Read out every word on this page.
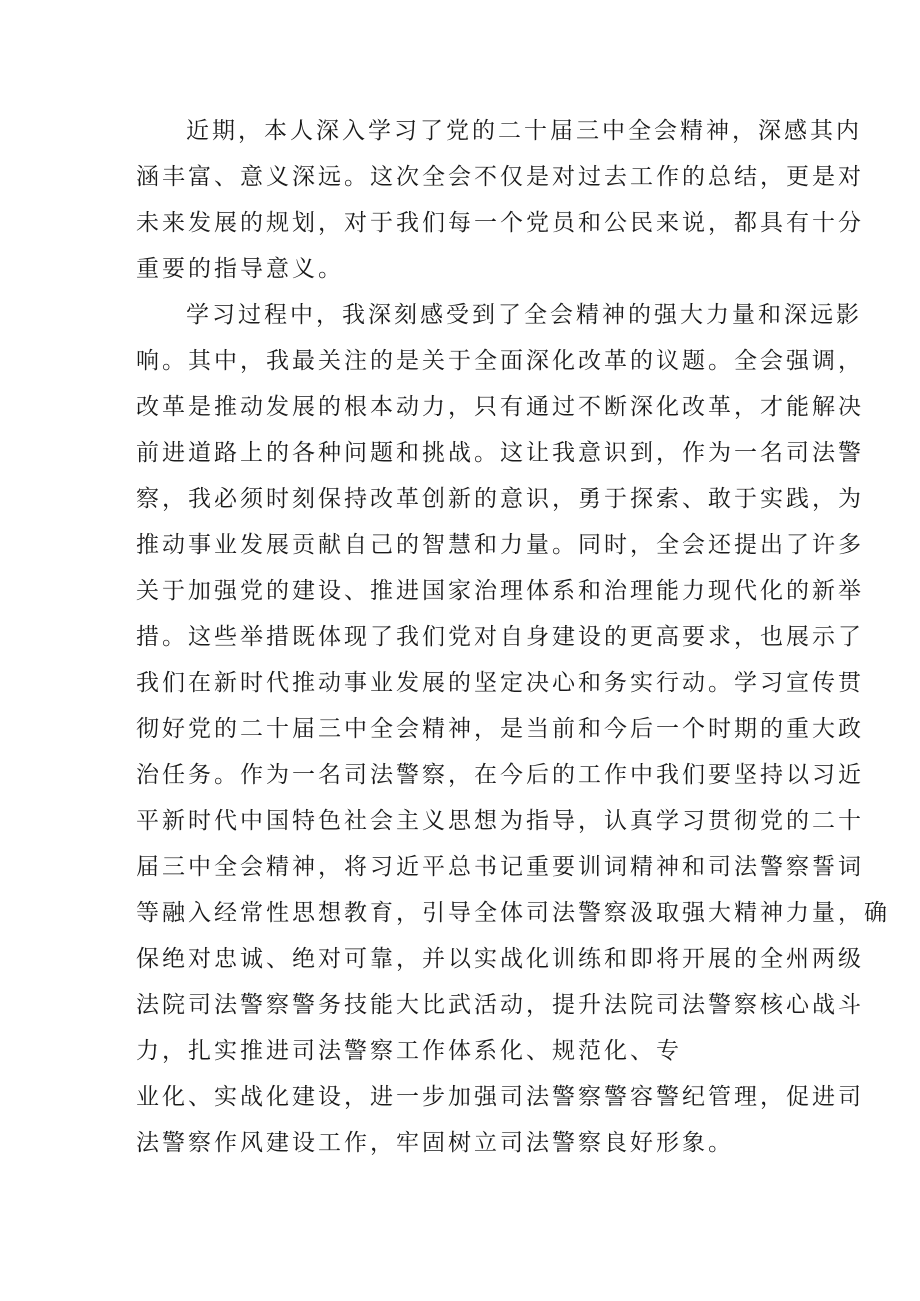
近期，本人深入学习了党的二十届三中全会精神，深感其内
涵丰富、意义深远。这次全会不仅是对过去工作的总结，更是对
未来发展的规划，对于我们每一个党员和公民来说，都具有十分
重要的指导意义。
学习过程中，我深刻感受到了全会精神的强大力量和深远影
响。其中，我最关注的是关于全面深化改革的议题。全会强调，
改革是推动发展的根本动力，只有通过不断深化改革，才能解决
前进道路上的各种问题和挑战。这让我意识到，作为一名司法警
察，我必须时刻保持改革创新的意识，勇于探索、敢于实践，为
推动事业发展贡献自己的智慧和力量。同时，全会还提出了许多
关于加强党的建设、推进国家治理体系和治理能力现代化的新举
措。这些举措既体现了我们党对自身建设的更高要求，也展示了
我们在新时代推动事业发展的坚定决心和务实行动。学习宣传贯
彻好党的二十届三中全会精神，是当前和今后一个时期的重大政
治任务。作为一名司法警察，在今后的工作中我们要坚持以习近
平新时代中国特色社会主义思想为指导，认真学习贯彻党的二十
届三中全会精神，将习近平总书记重要训词精神和司法警察誓词
等融入经常性思想教育，引导全体司法警察汲取强大精神力量，确
保绝对忠诚、绝对可靠，并以实战化训练和即将开展的全州两级
法院司法警察警务技能大比武活动，提升法院司法警察核心战斗
力，扎实推进司法警察工作体系化、规范化、专
业化、实战化建设，进一步加强司法警察警容警纪管理，促进司
法警察作风建设工作，牢固树立司法警察良好形象。
